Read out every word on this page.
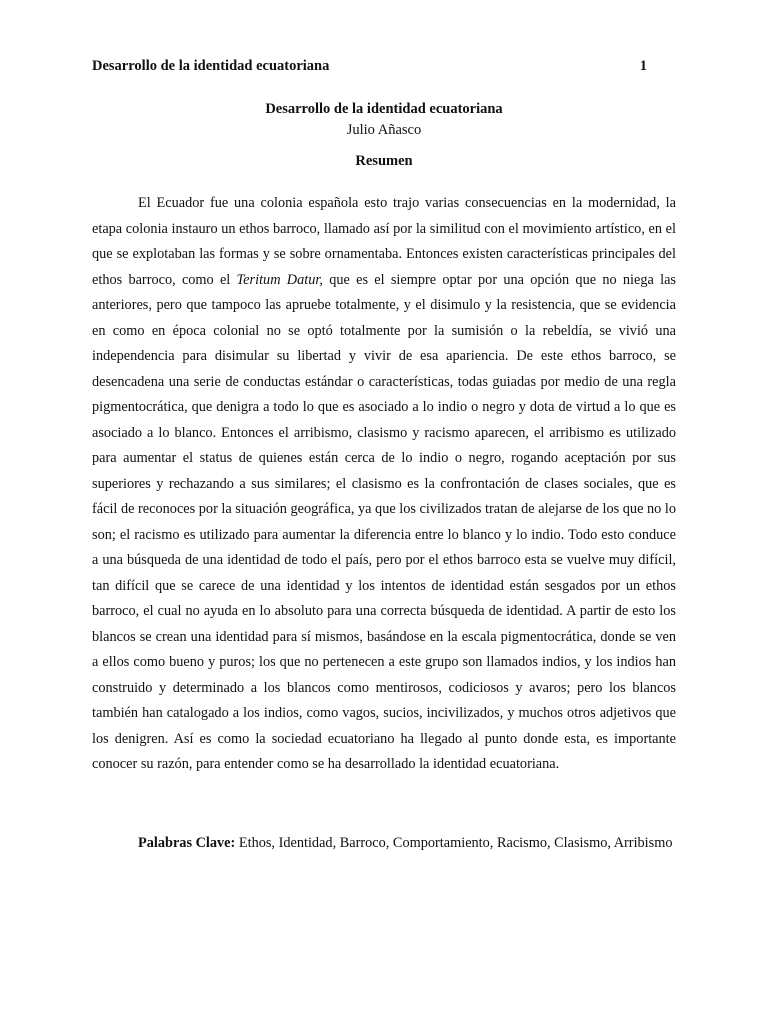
Desarrollo de la identidad ecuatoriana	1
Desarrollo de la identidad ecuatoriana
Julio Añasco
Resumen

El Ecuador fue una colonia española esto trajo varias consecuencias en la modernidad, la etapa colonia instauro un ethos barroco, llamado así por la similitud con el movimiento artístico, en el que se explotaban las formas y se sobre ornamentaba. Entonces existen características principales del ethos barroco, como el Teritum Datur, que es el siempre optar por una opción que no niega las anteriores, pero que tampoco las apruebe totalmente, y el disimulo y la resistencia, que se evidencia en como en época colonial no se optó totalmente por la sumisión o la rebeldía, se vivió una independencia para disimular su libertad y vivir de esa apariencia. De este ethos barroco, se desencadena una serie de conductas estándar o características, todas guiadas por medio de una regla pigmentocrática, que denigra a todo lo que es asociado a lo indio o negro y dota de virtud a lo que es asociado a lo blanco. Entonces el arribismo, clasismo y racismo aparecen, el arribismo es utilizado para aumentar el status de quienes están cerca de lo indio o negro, rogando aceptación por sus superiores y rechazando a sus similares; el clasismo es la confrontación de clases sociales, que es fácil de reconoces por la situación geográfica, ya que los civilizados tratan de alejarse de los que no lo son; el racismo es utilizado para aumentar la diferencia entre lo blanco y lo indio. Todo esto conduce a una búsqueda de una identidad de todo el país, pero por el ethos barroco esta se vuelve muy difícil, tan difícil que se carece de una identidad y los intentos de identidad están sesgados por un ethos barroco, el cual no ayuda en lo absoluto para una correcta búsqueda de identidad. A partir de esto los blancos se crean una identidad para sí mismos, basándose en la escala pigmentocrática, donde se ven a ellos como bueno y puros; los que no pertenecen a este grupo son llamados indios, y los indios han construido y determinado a los blancos como mentirosos, codiciosos y avaros; pero los blancos también han catalogado a los indios, como vagos, sucios, incivilizados, y muchos otros adjetivos que los denigren. Así es como la sociedad ecuatoriano ha llegado al punto donde esta, es importante conocer su razón, para entender como se ha desarrollado la identidad ecuatoriana.

Palabras Clave: Ethos, Identidad, Barroco, Comportamiento, Racismo, Clasismo, Arribismo
